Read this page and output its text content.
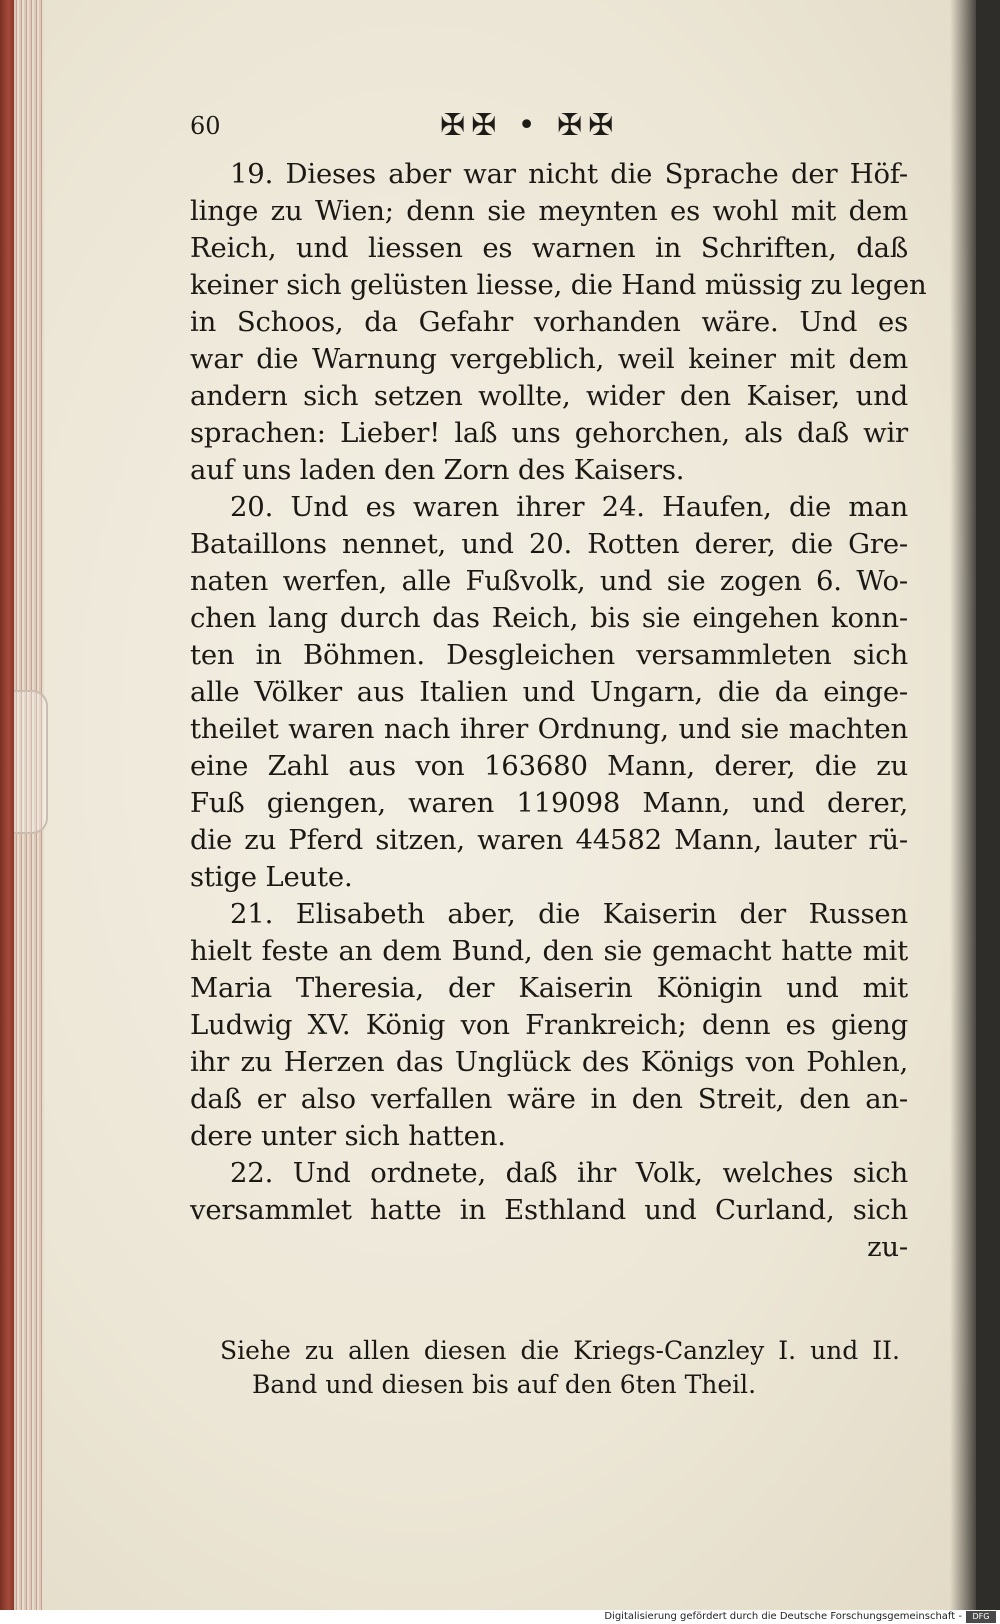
60	✠✠ • ✠✠
19. Dieses aber war nicht die Sprache der Höf-
linge zu Wien; denn sie meynten es wohl mit dem
Reich, und liessen es warnen in Schriften, daß
keiner sich gelüsten liesse, die Hand müssig zu legen
in Schoos, da Gefahr vorhanden wäre. Und es
war die Warnung vergeblich, weil keiner mit dem
andern sich setzen wollte, wider den Kaiser, und
sprachen: Lieber! laß uns gehorchen, als daß wir
auf uns laden den Zorn des Kaisers.
20. Und es waren ihrer 24. Haufen, die man
Bataillons nennet, und 20. Rotten derer, die Gre-
naten werfen, alle Fußvolk, und sie zogen 6. Wo-
chen lang durch das Reich, bis sie eingehen konn-
ten in Böhmen. Desgleichen versammleten sich
alle Völker aus Italien und Ungarn, die da einge-
theilet waren nach ihrer Ordnung, und sie machten
eine Zahl aus von 163680 Mann, derer, die zu
Fuß giengen, waren 119098 Mann, und derer,
die zu Pferd sitzen, waren 44582 Mann, lauter rü-
stige Leute.
21. Elisabeth aber, die Kaiserin der Russen
hielt feste an dem Bund, den sie gemacht hatte mit
Maria Theresia, der Kaiserin Königin und mit
Ludwig XV. König von Frankreich; denn es gieng
ihr zu Herzen das Unglück des Königs von Pohlen,
daß er also verfallen wäre in den Streit, den an-
dere unter sich hatten.
22. Und ordnete, daß ihr Volk, welches sich
versammlet hatte in Esthland und Curland, sich
zu-
Siehe zu allen diesen die Kriegs-Canzley I. und II.
Band und diesen bis auf den 6ten Theil.
Digitalisierung gefördert durch die Deutsche Forschungsgemeinschaft -	DFG
